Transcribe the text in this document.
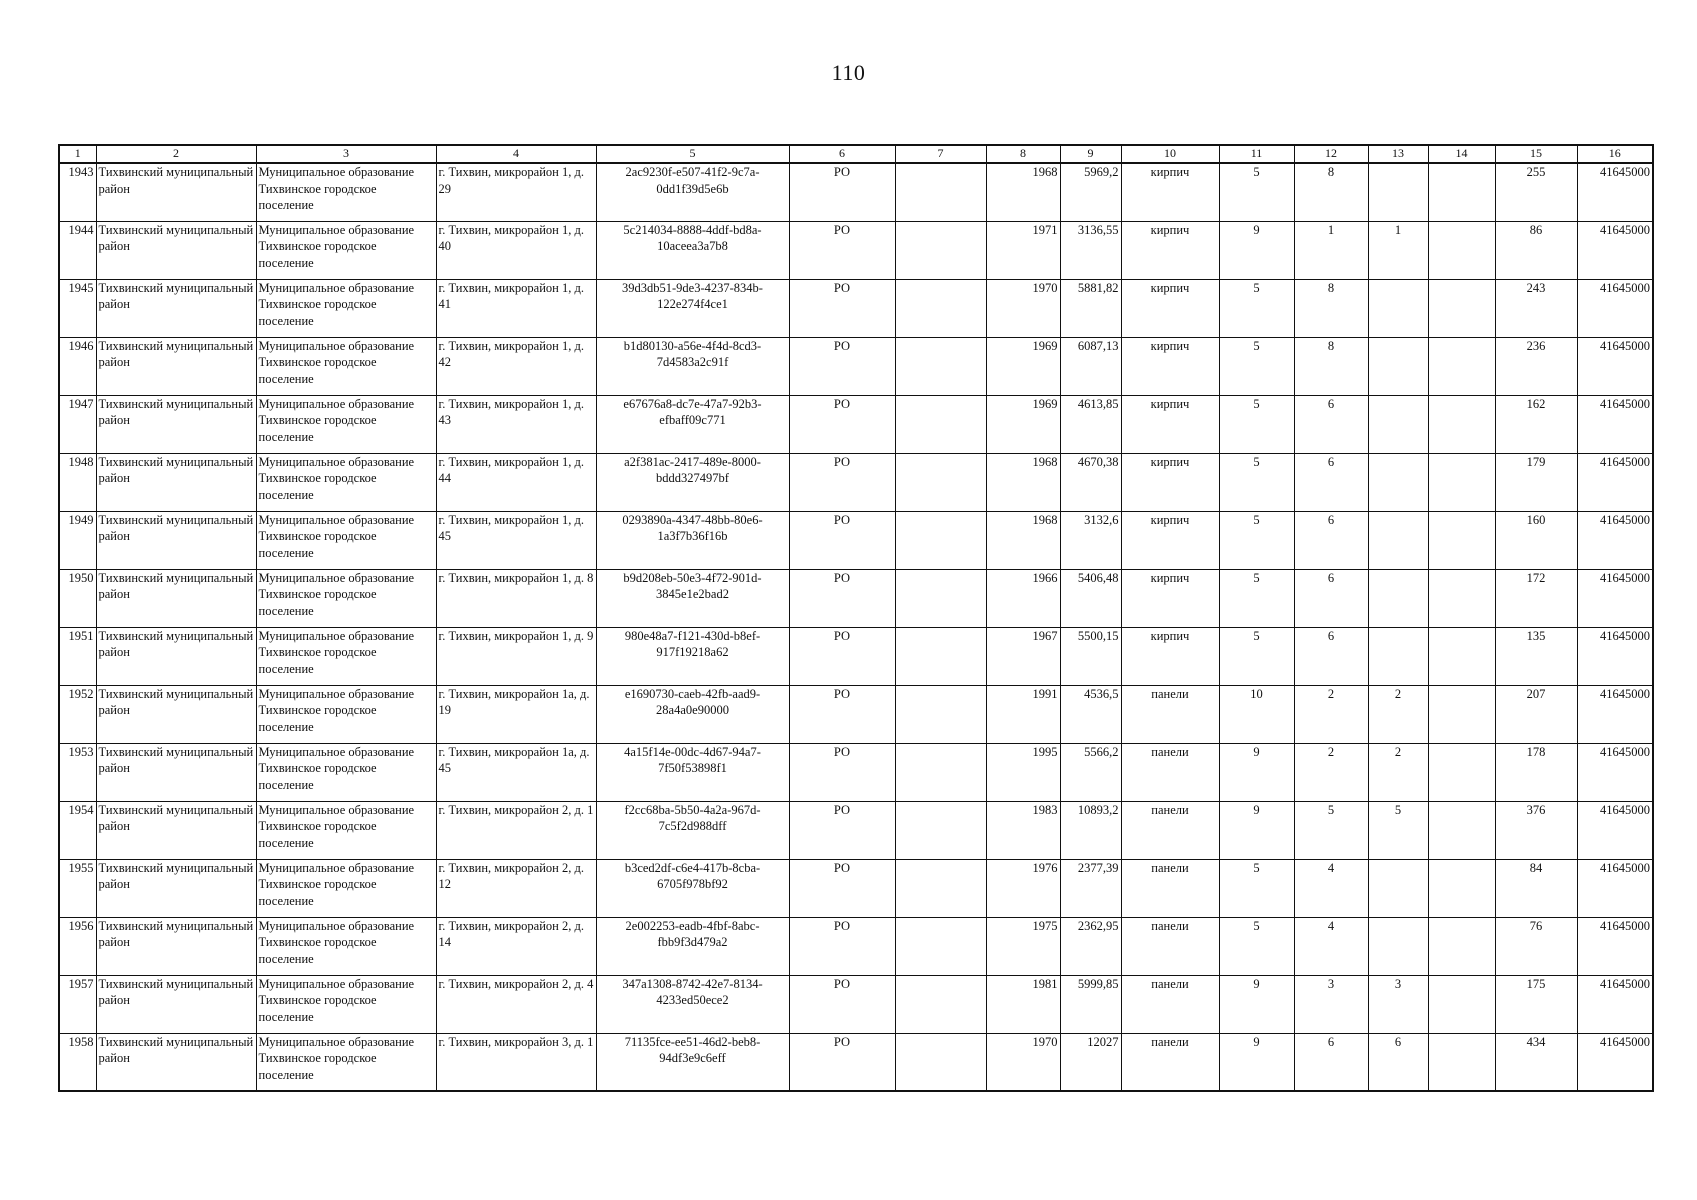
110
1	2	3	4	5	6	7	8	9	10	11	12	13	14	15	16
1943	Тихвинский муниципальный район	Муниципальное образование Тихвинское городское поселение	г. Тихвин, микрорайон 1, д. 29	2ac9230f-e507-41f2-9c7a-0dd1f39d5e6b	РО		1968	5969,2	кирпич	5	8			255	41645000
1944	Тихвинский муниципальный район	Муниципальное образование Тихвинское городское поселение	г. Тихвин, микрорайон 1, д. 40	5c214034-8888-4ddf-bd8a-10aceea3a7b8	РО		1971	3136,55	кирпич	9	1	1		86	41645000
1945	Тихвинский муниципальный район	Муниципальное образование Тихвинское городское поселение	г. Тихвин, микрорайон 1, д. 41	39d3db51-9de3-4237-834b-122e274f4ce1	РО		1970	5881,82	кирпич	5	8			243	41645000
1946	Тихвинский муниципальный район	Муниципальное образование Тихвинское городское поселение	г. Тихвин, микрорайон 1, д. 42	b1d80130-a56e-4f4d-8cd3-7d4583a2c91f	РО		1969	6087,13	кирпич	5	8			236	41645000
1947	Тихвинский муниципальный район	Муниципальное образование Тихвинское городское поселение	г. Тихвин, микрорайон 1, д. 43	e67676a8-dc7e-47a7-92b3-efbaff09c771	РО		1969	4613,85	кирпич	5	6			162	41645000
1948	Тихвинский муниципальный район	Муниципальное образование Тихвинское городское поселение	г. Тихвин, микрорайон 1, д. 44	a2f381ac-2417-489e-8000-bddd327497bf	РО		1968	4670,38	кирпич	5	6			179	41645000
1949	Тихвинский муниципальный район	Муниципальное образование Тихвинское городское поселение	г. Тихвин, микрорайон 1, д. 45	0293890a-4347-48bb-80e6-1a3f7b36f16b	РО		1968	3132,6	кирпич	5	6			160	41645000
1950	Тихвинский муниципальный район	Муниципальное образование Тихвинское городское поселение	г. Тихвин, микрорайон 1, д. 8	b9d208eb-50e3-4f72-901d-3845e1e2bad2	РО		1966	5406,48	кирпич	5	6			172	41645000
1951	Тихвинский муниципальный район	Муниципальное образование Тихвинское городское поселение	г. Тихвин, микрорайон 1, д. 9	980e48a7-f121-430d-b8ef-917f19218a62	РО		1967	5500,15	кирпич	5	6			135	41645000
1952	Тихвинский муниципальный район	Муниципальное образование Тихвинское городское поселение	г. Тихвин, микрорайон 1а, д. 19	e1690730-caeb-42fb-aad9-28a4a0e90000	РО		1991	4536,5	панели	10	2	2		207	41645000
1953	Тихвинский муниципальный район	Муниципальное образование Тихвинское городское поселение	г. Тихвин, микрорайон 1а, д. 45	4a15f14e-00dc-4d67-94a7-7f50f53898f1	РО		1995	5566,2	панели	9	2	2		178	41645000
1954	Тихвинский муниципальный район	Муниципальное образование Тихвинское городское поселение	г. Тихвин, микрорайон 2, д. 1	f2cc68ba-5b50-4a2a-967d-7c5f2d988dff	РО		1983	10893,2	панели	9	5	5		376	41645000
1955	Тихвинский муниципальный район	Муниципальное образование Тихвинское городское поселение	г. Тихвин, микрорайон 2, д. 12	b3ced2df-c6e4-417b-8cba-6705f978bf92	РО		1976	2377,39	панели	5	4			84	41645000
1956	Тихвинский муниципальный район	Муниципальное образование Тихвинское городское поселение	г. Тихвин, микрорайон 2, д. 14	2e002253-eadb-4fbf-8abc-fbb9f3d479a2	РО		1975	2362,95	панели	5	4			76	41645000
1957	Тихвинский муниципальный район	Муниципальное образование Тихвинское городское поселение	г. Тихвин, микрорайон 2, д. 4	347a1308-8742-42e7-8134-4233ed50ece2	РО		1981	5999,85	панели	9	3	3		175	41645000
1958	Тихвинский муниципальный район	Муниципальное образование Тихвинское городское поселение	г. Тихвин, микрорайон 3, д. 1	71135fce-ee51-46d2-beb8-94df3e9c6eff	РО		1970	12027	панели	9	6	6		434	41645000
